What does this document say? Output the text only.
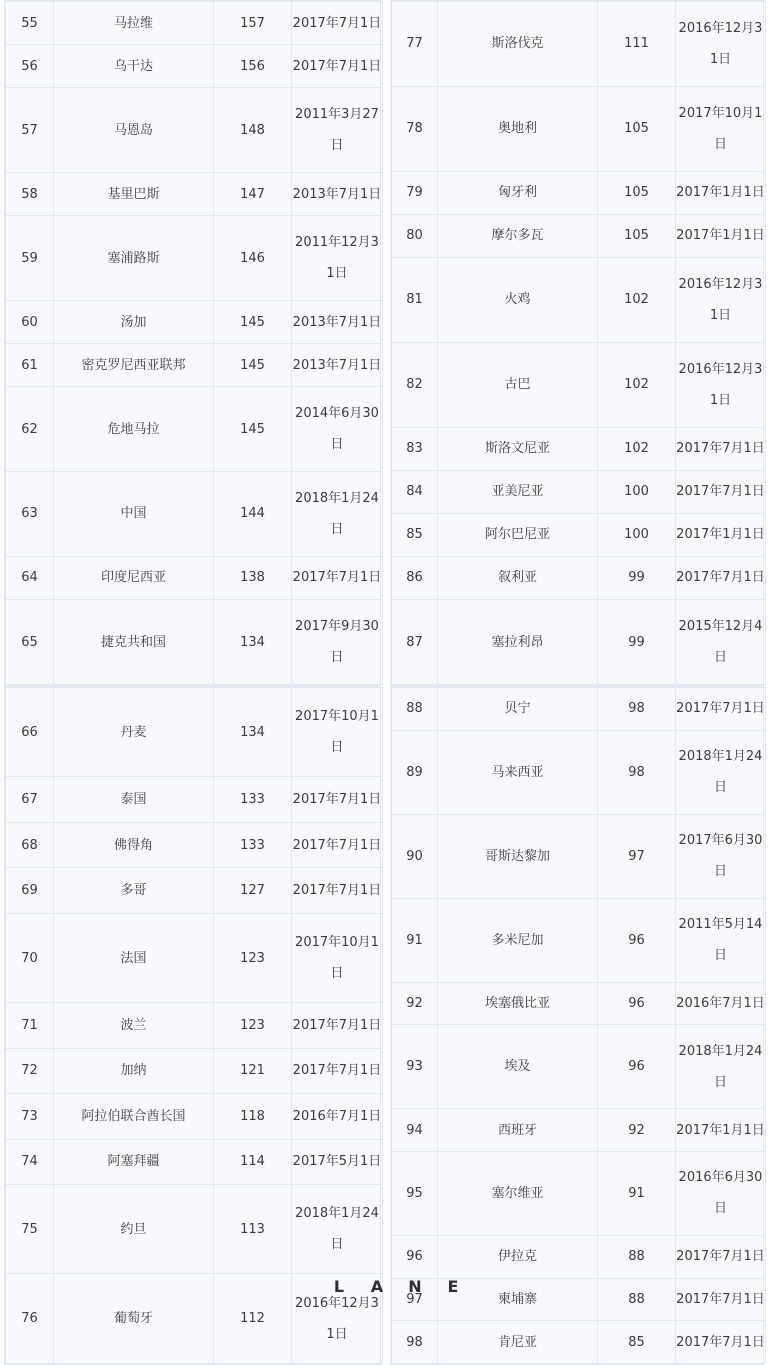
55	马拉维	157	2017年7月1日
56	乌干达	156	2017年7月1日
57	马恩岛	148	2011年3月27日
58	基里巴斯	147	2013年7月1日
59	塞浦路斯	146	2011年12月31日
60	汤加	145	2013年7月1日
61	密克罗尼西亚联邦	145	2013年7月1日
62	危地马拉	145	2014年6月30日
63	中国	144	2018年1月24日
64	印度尼西亚	138	2017年7月1日
65	捷克共和国	134	2017年9月30日
77	斯洛伐克	111	2016年12月31日
78	奥地利	105	2017年10月1日
79	匈牙利	105	2017年1月1日
80	摩尔多瓦	105	2017年1月1日
81	火鸡	102	2016年12月31日
82	古巴	102	2016年12月31日
83	斯洛文尼亚	102	2017年7月1日
84	亚美尼亚	100	2017年7月1日
85	阿尔巴尼亚	100	2017年1月1日
86	叙利亚	99	2017年7月1日
87	塞拉利昂	99	2015年12月4日
66	丹麦	134	2017年10月1日
67	泰国	133	2017年7月1日
68	佛得角	133	2017年7月1日
69	多哥	127	2017年7月1日
70	法国	123	2017年10月1日
71	波兰	123	2017年7月1日
72	加纳	121	2017年7月1日
73	阿拉伯联合酋长国	118	2016年7月1日
74	阿塞拜疆	114	2017年5月1日
75	约旦	113	2018年1月24日
76	葡萄牙	112	2016年12月31日
88	贝宁	98	2017年7月1日
89	马来西亚	98	2018年1月24日
90	哥斯达黎加	97	2017年6月30日
91	多米尼加	96	2011年5月14日
92	埃塞俄比亚	96	2016年7月1日
93	埃及	96	2018年1月24日
94	西班牙	92	2017年1月1日
95	塞尔维亚	91	2016年6月30日
96	伊拉克	88	2017年7月1日
97	柬埔寨	88	2017年7月1日
98	肯尼亚	85	2017年7月1日
L A N E
